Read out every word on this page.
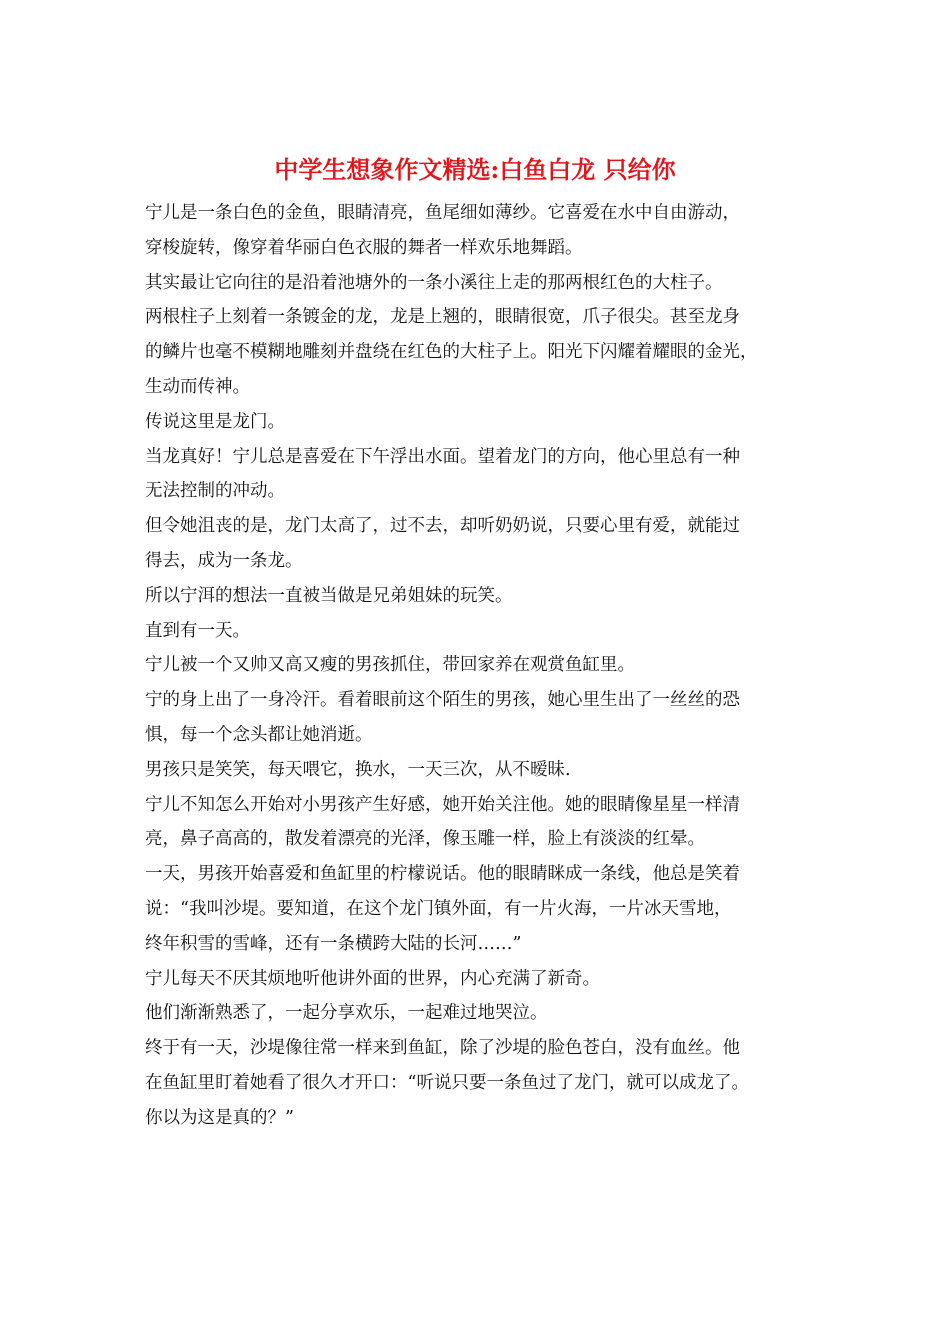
中学生想象作文精选:白鱼白龙 只给你
宁儿是一条白色的金鱼，眼睛清亮，鱼尾细如薄纱。它喜爱在水中自由游动，
穿梭旋转，像穿着华丽白色衣服的舞者一样欢乐地舞蹈。
其实最让它向往的是沿着池塘外的一条小溪往上走的那两根红色的大柱子。
两根柱子上刻着一条镀金的龙，龙是上翘的，眼睛很宽，爪子很尖。甚至龙身
的鳞片也毫不模糊地雕刻并盘绕在红色的大柱子上。阳光下闪耀着耀眼的金光，
生动而传神。
传说这里是龙门。
当龙真好！宁儿总是喜爱在下午浮出水面。望着龙门的方向，他心里总有一种
无法控制的冲动。
但令她沮丧的是，龙门太高了，过不去，却听奶奶说，只要心里有爱，就能过
得去，成为一条龙。
所以宁洱的想法一直被当做是兄弟姐妹的玩笑。
直到有一天。
宁儿被一个又帅又高又瘦的男孩抓住，带回家养在观赏鱼缸里。
宁的身上出了一身冷汗。看着眼前这个陌生的男孩，她心里生出了一丝丝的恐
惧，每一个念头都让她消逝。
男孩只是笑笑，每天喂它，换水，一天三次，从不暧昧.
宁儿不知怎么开始对小男孩产生好感，她开始关注他。她的眼睛像星星一样清
亮，鼻子高高的，散发着漂亮的光泽，像玉雕一样，脸上有淡淡的红晕。
一天，男孩开始喜爱和鱼缸里的柠檬说话。他的眼睛眯成一条线，他总是笑着
说：“我叫沙堤。要知道，在这个龙门镇外面，有一片火海，一片冰天雪地，
终年积雪的雪峰，还有一条横跨大陆的长河……”
宁儿每天不厌其烦地听他讲外面的世界，内心充满了新奇。
他们渐渐熟悉了，一起分享欢乐，一起难过地哭泣。
终于有一天，沙堤像往常一样来到鱼缸，除了沙堤的脸色苍白，没有血丝。他
在鱼缸里盯着她看了很久才开口：“听说只要一条鱼过了龙门，就可以成龙了。
你以为这是真的？”
